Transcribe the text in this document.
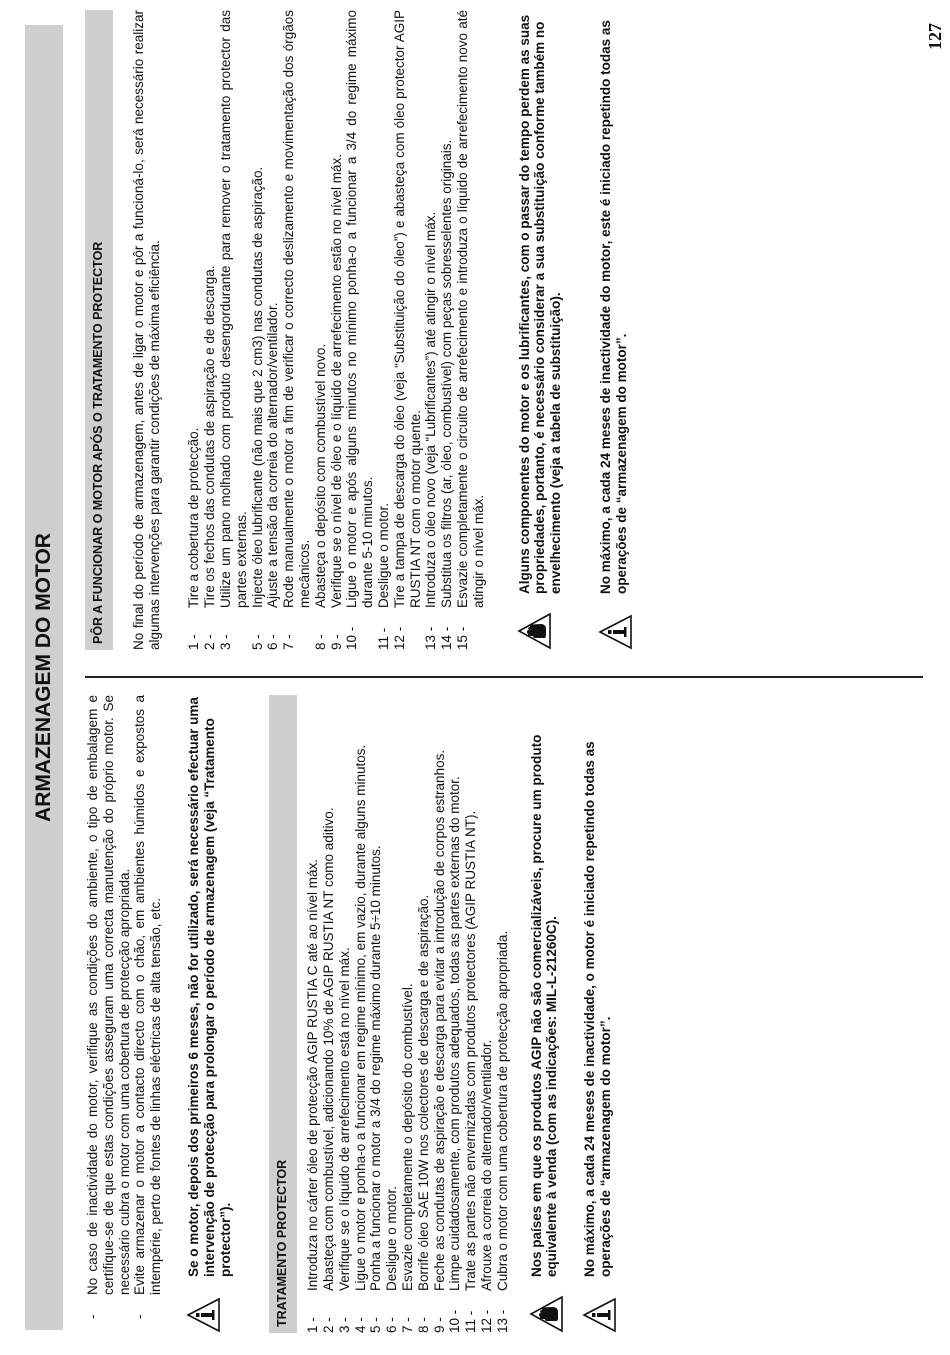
ARMAZENAGEM DO MOTOR
-
No caso de inactividade do motor, verifique as condições do ambiente, o tipo de embalagem e certifique-se de que estas condições asseguram uma correcta manutenção do próprio motor. Se necessário cubra o motor com uma cobertura de protecção apropriada.
-
Evite armazenar o motor a contacto directo com o chão, em ambientes húmidos e expostos a intempérie, perto de fontes de linhas eléctricas de alta tensão, etc. Se o motor, depois dos primeiros 6 meses, não for utilizado, será necessário efectuar uma intervenção de protecção para prolongar o período de armazenagem (veja “Tratamento protector”).	TRATAMENTO PROTECTOR	1 -
Introduza no cárter óleo de protecção AGIP RUSTIA C até ao nível máx.
2 -
Abasteça com combustível, adicionando 10% de AGIP RUSTIA NT como aditivo.
3 -
Verifique se o líquido de arrefecimento está no nível máx.
4 -
Ligue o motor e ponha-o a funcionar em regime mínimo, em vazio, durante alguns minutos.
5 -
Ponha a funcionar o motor a 3/4 do regime máximo durante 5÷10 minutos.
6 -
Desligue o motor.
7 -
Esvazie completamente o depósito do combustível.
8 -
Borrife óleo SAE 10W nos colectores de descarga e de aspiração.
9 -
Feche as condutas de aspiração e descarga para evitar a introdução de corpos estranhos.
10 -
Limpe cuidadosamente, com produtos adequados, todas as partes externas do motor.
11 -
Trate as partes não envernizadas com produtos protectores (AGIP RUSTIA NT).
12 -
Afrouxe a correia do alternador/ventilador.
13 -
Cubra o motor com uma cobertura de protecção apropriada. Nos países em que os produtos AGIP não são comercializáveis, procure um produto equivalente à venda (com as indicações: MIL-L-21260C). No máximo, a cada 24 meses de inactividade, o motor é iniciado repetindo todas as operações de “armazenagem do motor”.
PÔR A FUNCIONAR O MOTOR APÓS O TRATAMENTO PROTECTOR	No final do período de armazenagem, antes de ligar o motor e pôr a funcioná-lo, será necessário realizar algumas intervenções para garantir condições de máxima eficiência. 1 -
Tire a cobertura de protecção.
2 -
Tire os fechos das condutas de aspiração e de descarga.
3 -
Utilize um pano molhado com produto desengordurante para remover o tratamento protector das partes externas.
5 -
Injecte óleo lubrificante (não mais que 2 cm3) nas condutas de aspiração.
6 -
Ajuste a tensão da correia do alternador/ventilador.
7 -
Rode manualmente o motor a fim de verificar o correcto deslizamento e movimentação dos órgãos mecânicos.
8 -
Abasteça o depósito com combustível novo.
9 -
Verifique se o nível de óleo e o líquido de arrefecimento estão no nível máx.
10 -
Ligue o motor e após alguns minutos no mínimo ponha-o a funcionar a 3/4 do regime máximo durante 5-10 minutos.
11 -
Desligue o motor.
12 -
Tire a tampa de descarga do óleo (veja “Substituição do óleo”) e abasteça com óleo protector AGIP RUSTIA NT com o motor quente.
13 -
Introduza o óleo novo (veja “Lubrificantes”) até atingir o nível máx.
14 -
Substitua os filtros (ar, óleo, combustível) com peças sobresselentes originais.
15 -
Esvazie completamente o circuito de arrefecimento e introduza o líquido de arrefecimento novo até atingir o nível máx. Alguns componentes do motor e os lubrificantes, com o passar do tempo perdem as suas propriedades, portanto, é necessário considerar a sua substituição conforme também no envelhecimento (veja a tabela de substituição).	No máximo, a cada 24 meses de inactividade do motor, este é iniciado repetindo todas as operações de “armazenagem do motor”.
127
